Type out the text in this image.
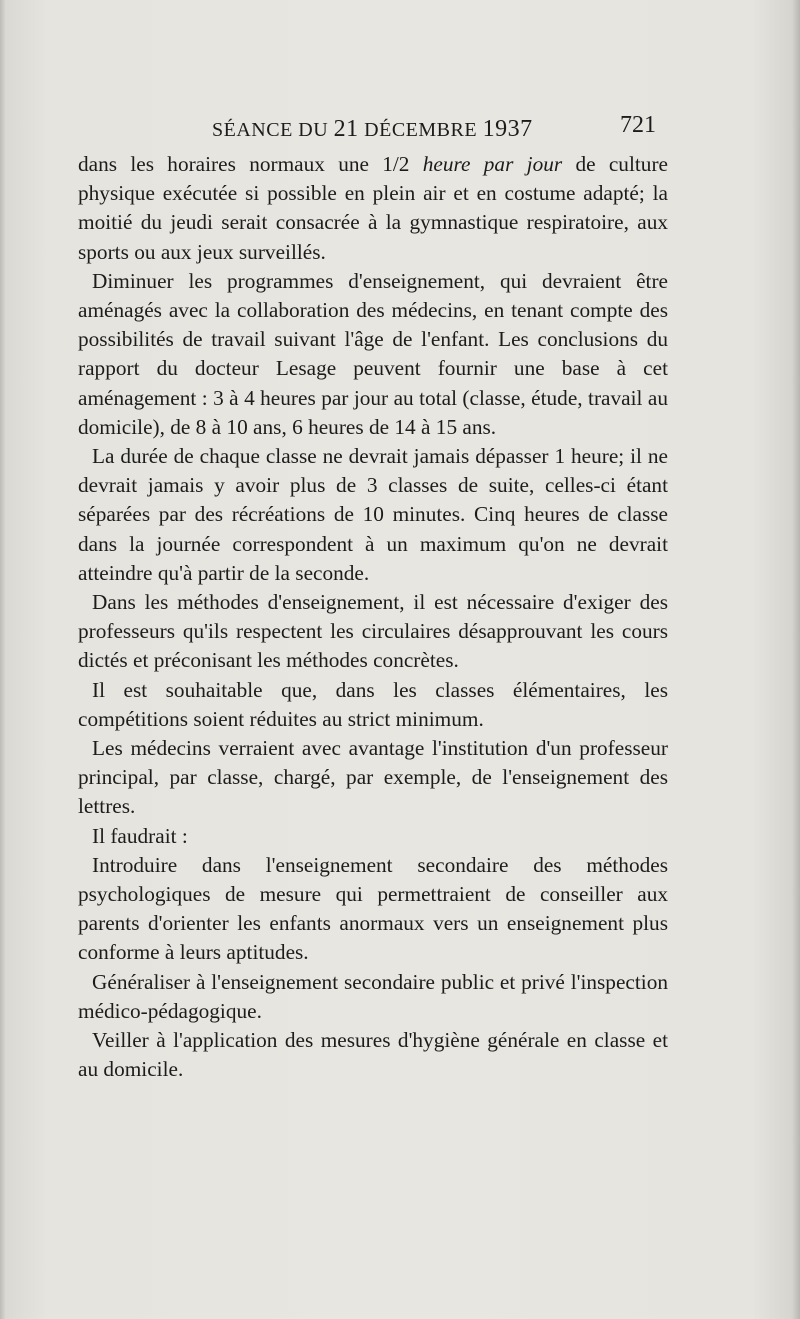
SÉANCE DU 21 DÉCEMBRE 1937	721

dans les horaires normaux une 1/2 heure par jour de culture physique exécutée si possible en plein air et en costume adapté; la moitié du jeudi serait consacrée à la gymnastique respiratoire, aux sports ou aux jeux surveillés.

Diminuer les programmes d'enseignement, qui devraient être aménagés avec la collaboration des médecins, en tenant compte des possibilités de travail suivant l'âge de l'enfant. Les conclusions du rapport du docteur Lesage peuvent fournir une base à cet aménagement : 3 à 4 heures par jour au total (classe, étude, travail au domicile), de 8 à 10 ans, 6 heures de 14 à 15 ans.

La durée de chaque classe ne devrait jamais dépasser 1 heure; il ne devrait jamais y avoir plus de 3 classes de suite, celles-ci étant séparées par des récréations de 10 minutes. Cinq heures de classe dans la journée correspondent à un maximum qu'on ne devrait atteindre qu'à partir de la seconde.

Dans les méthodes d'enseignement, il est nécessaire d'exiger des professeurs qu'ils respectent les circulaires désapprouvant les cours dictés et préconisant les méthodes concrètes.

Il est souhaitable que, dans les classes élémentaires, les compétitions soient réduites au strict minimum.

Les médecins verraient avec avantage l'institution d'un professeur principal, par classe, chargé, par exemple, de l'enseignement des lettres.

Il faudrait :

Introduire dans l'enseignement secondaire des méthodes psychologiques de mesure qui permettraient de conseiller aux parents d'orienter les enfants anormaux vers un enseignement plus conforme à leurs aptitudes.

Généraliser à l'enseignement secondaire public et privé l'inspection médico-pédagogique.

Veiller à l'application des mesures d'hygiène générale en classe et au domicile.
